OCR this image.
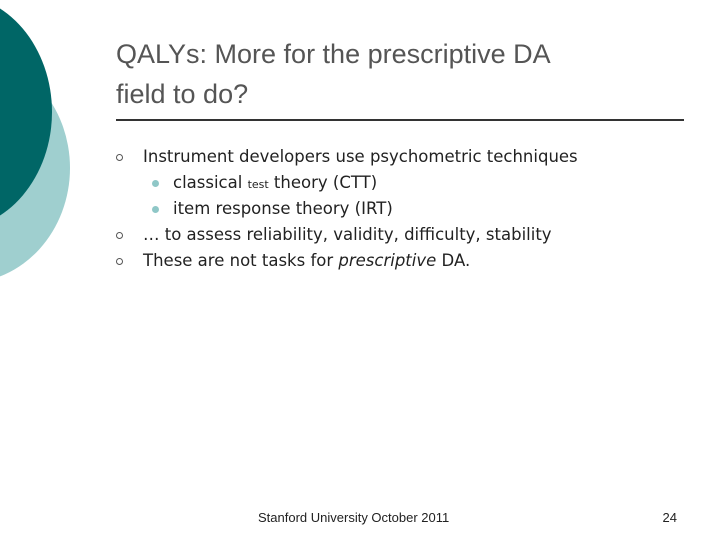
QALYs: More for the prescriptive DA
field to do?
Instrument developers use psychometric techniques
classical test theory (CTT)
item response theory (IRT)
… to assess reliability, validity, difficulty, stability
These are not tasks for prescriptive DA.
Stanford University October 2011	24
